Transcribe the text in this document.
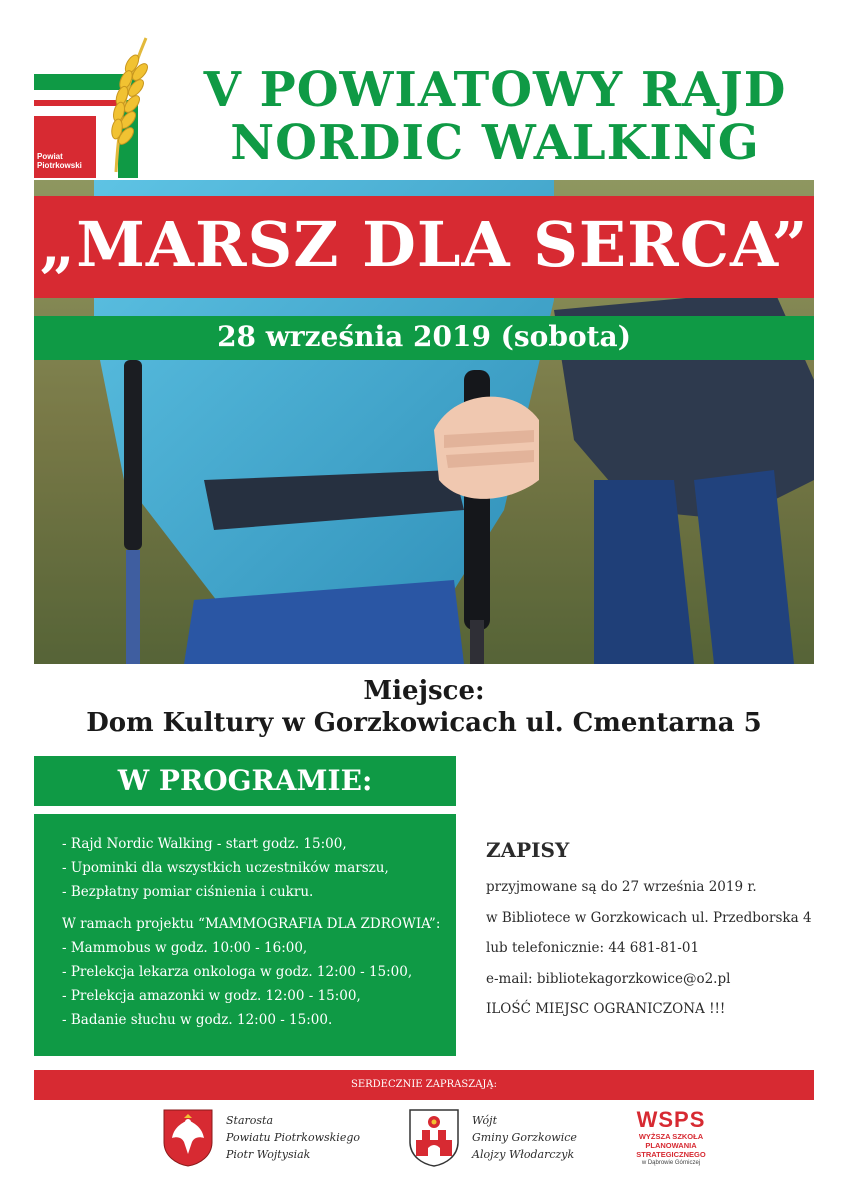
Powiat Piotrkowski
V POWIATOWY RAJD
NORDIC WALKING
„MARSZ DLA SERCA”
28 września 2019 (sobota)
Miejsce:
Dom Kultury w Gorzkowicach ul. Cmentarna 5
W PROGRAMIE:
- Rajd Nordic Walking - start godz. 15:00,
- Upominki dla wszystkich uczestników marszu,
- Bezpłatny pomiar ciśnienia i cukru.
W ramach projektu “MAMMOGRAFIA DLA ZDROWIA”:
- Mammobus w godz. 10:00 - 16:00,
- Prelekcja lekarza onkologa w godz. 12:00 - 15:00,
- Prelekcja amazonki w godz. 12:00 - 15:00,
- Badanie słuchu w godz. 12:00 - 15:00.
ZAPISY
przyjmowane są do 27 września 2019 r.
w Bibliotece w Gorzkowicach ul. Przedborska 4
lub telefonicznie: 44 681-81-01
e-mail: bibliotekagorzkowice@o2.pl
ILOŚĆ MIEJSC OGRANICZONA !!!
SERDECZNIE ZAPRASZAJĄ:
Starosta
Powiatu Piotrkowskiego
Piotr Wojtysiak
Wójt
Gminy Gorzkowice
Alojzy Włodarczyk
WSPS
WYŻSZA SZKOŁA
PLANOWANIA
STRATEGICZNEGO
w Dąbrowie Górniczej
